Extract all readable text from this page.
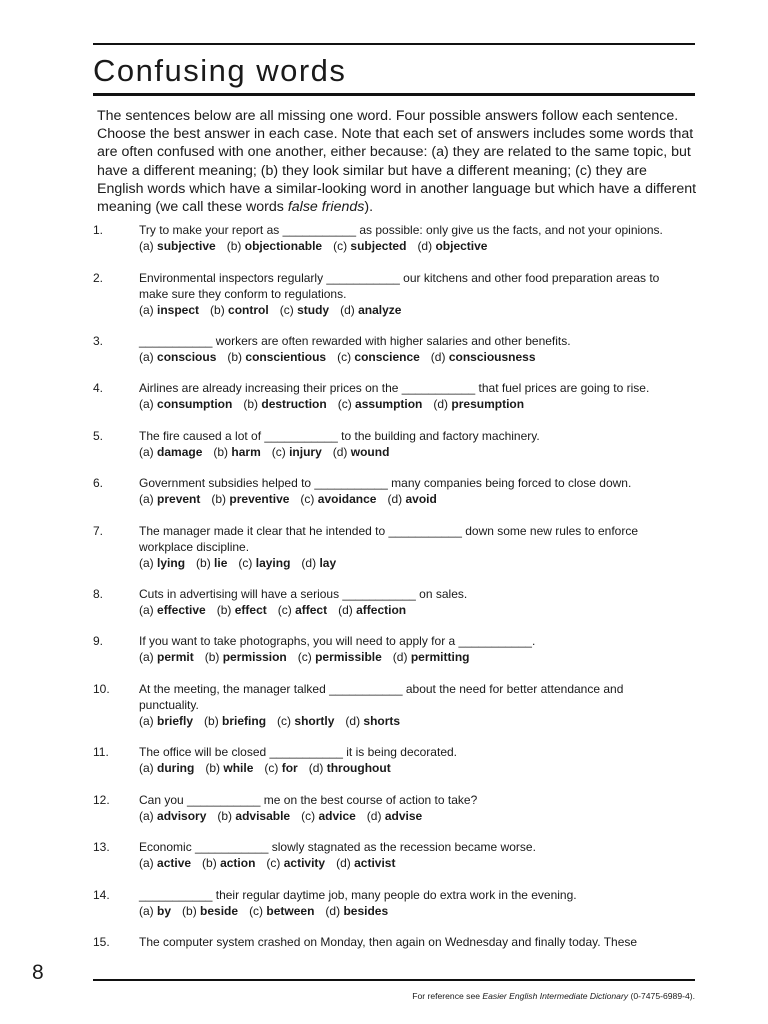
Confusing words

The sentences below are all missing one word. Four possible answers follow each sentence. Choose the best answer in each case. Note that each set of answers includes some words that are often confused with one another, either because: (a) they are related to the same topic, but have a different meaning; (b) they look similar but have a different meaning; (c) they are English words which have a similar-looking word in another language but which have a different meaning (we call these words false friends).

1.	Try to make your report as ___________ as possible: only give us the facts, and not your opinions.
(a) subjective (b) objectionable (c) subjected (d) objective
2.	Environmental inspectors regularly ___________ our kitchens and other food preparation areas to make sure they conform to regulations.
(a) inspect (b) control (c) study (d) analyze
3.	___________ workers are often rewarded with higher salaries and other benefits.
(a) conscious (b) conscientious (c) conscience (d) consciousness
4.	Airlines are already increasing their prices on the ___________ that fuel prices are going to rise.
(a) consumption (b) destruction (c) assumption (d) presumption
5.	The fire caused a lot of ___________ to the building and factory machinery.
(a) damage (b) harm (c) injury (d) wound
6.	Government subsidies helped to ___________ many companies being forced to close down.
(a) prevent (b) preventive (c) avoidance (d) avoid
7.	The manager made it clear that he intended to ___________ down some new rules to enforce workplace discipline.
(a) lying (b) lie (c) laying (d) lay
8.	Cuts in advertising will have a serious ___________ on sales.
(a) effective (b) effect (c) affect (d) affection
9.	If you want to take photographs, you will need to apply for a ___________.
(a) permit (b) permission (c) permissible (d) permitting
10. At the meeting, the manager talked ___________ about the need for better attendance and punctuality.
(a) briefly (b) briefing (c) shortly (d) shorts
11.	The office will be closed ___________ it is being decorated.
(a) during (b) while (c) for (d) throughout
12. Can you ___________ me on the best course of action to take?
(a) advisory (b) advisable (c) advice (d) advise
13. Economic ___________ slowly stagnated as the recession became worse.
(a) active (b) action (c) activity (d) activist
14. ___________ their regular daytime job, many people do extra work in the evening.
(a) by (b) beside (c) between (d) besides
15. The computer system crashed on Monday, then again on Wednesday and finally today. These
8
For reference see Easier English Intermediate Dictionary (0-7475-6989-4).
